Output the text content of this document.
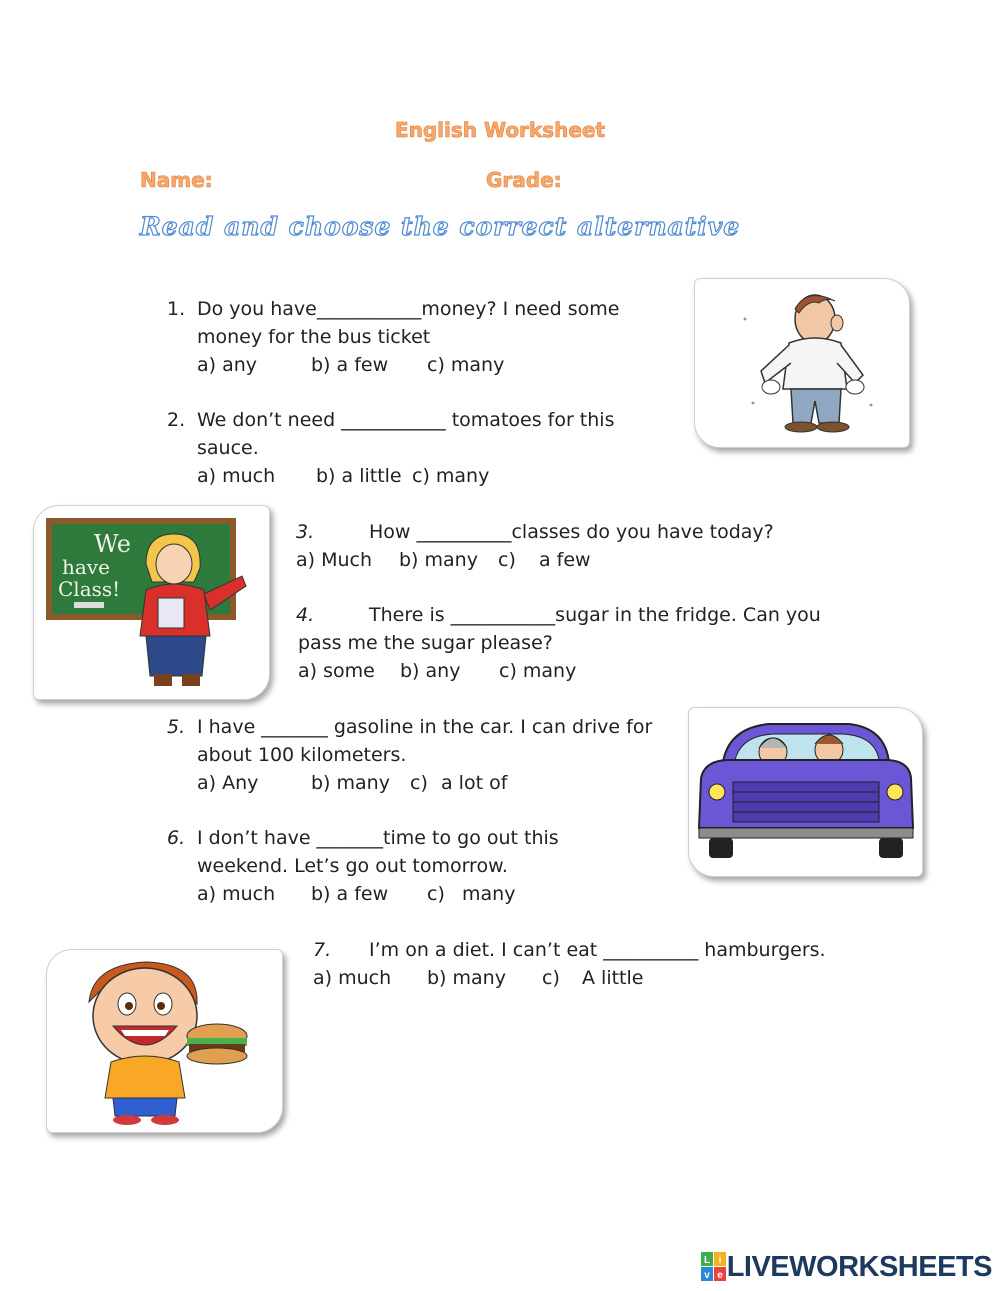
English Worksheet
Name:	Grade:
Read and choose the correct alternative
1. Do you have___________money? I need some
money for the bus ticket
a) any	b) a few c) many
2. We don’t need ___________ tomatoes for this
sauce.
a) much b) a little c) many
3.	How __________classes do you have today?
a) Much b) many c) a few
4.	There is ___________sugar in the fridge. Can you
pass me the sugar please?
a) some b) any c) many
5. I have _______ gasoline in the car. I can drive for
about 100 kilometers.
a) Any	b) many c) a lot of
6. I don’t have _______time to go out this
weekend. Let’s go out tomorrow.
a) much b) a few c) many
7. I’m on a diet. I can’t eat __________ hamburgers.
a) much b) many c) A little
We
have
Class!
L i
v e LIVEWORKSHEETS
